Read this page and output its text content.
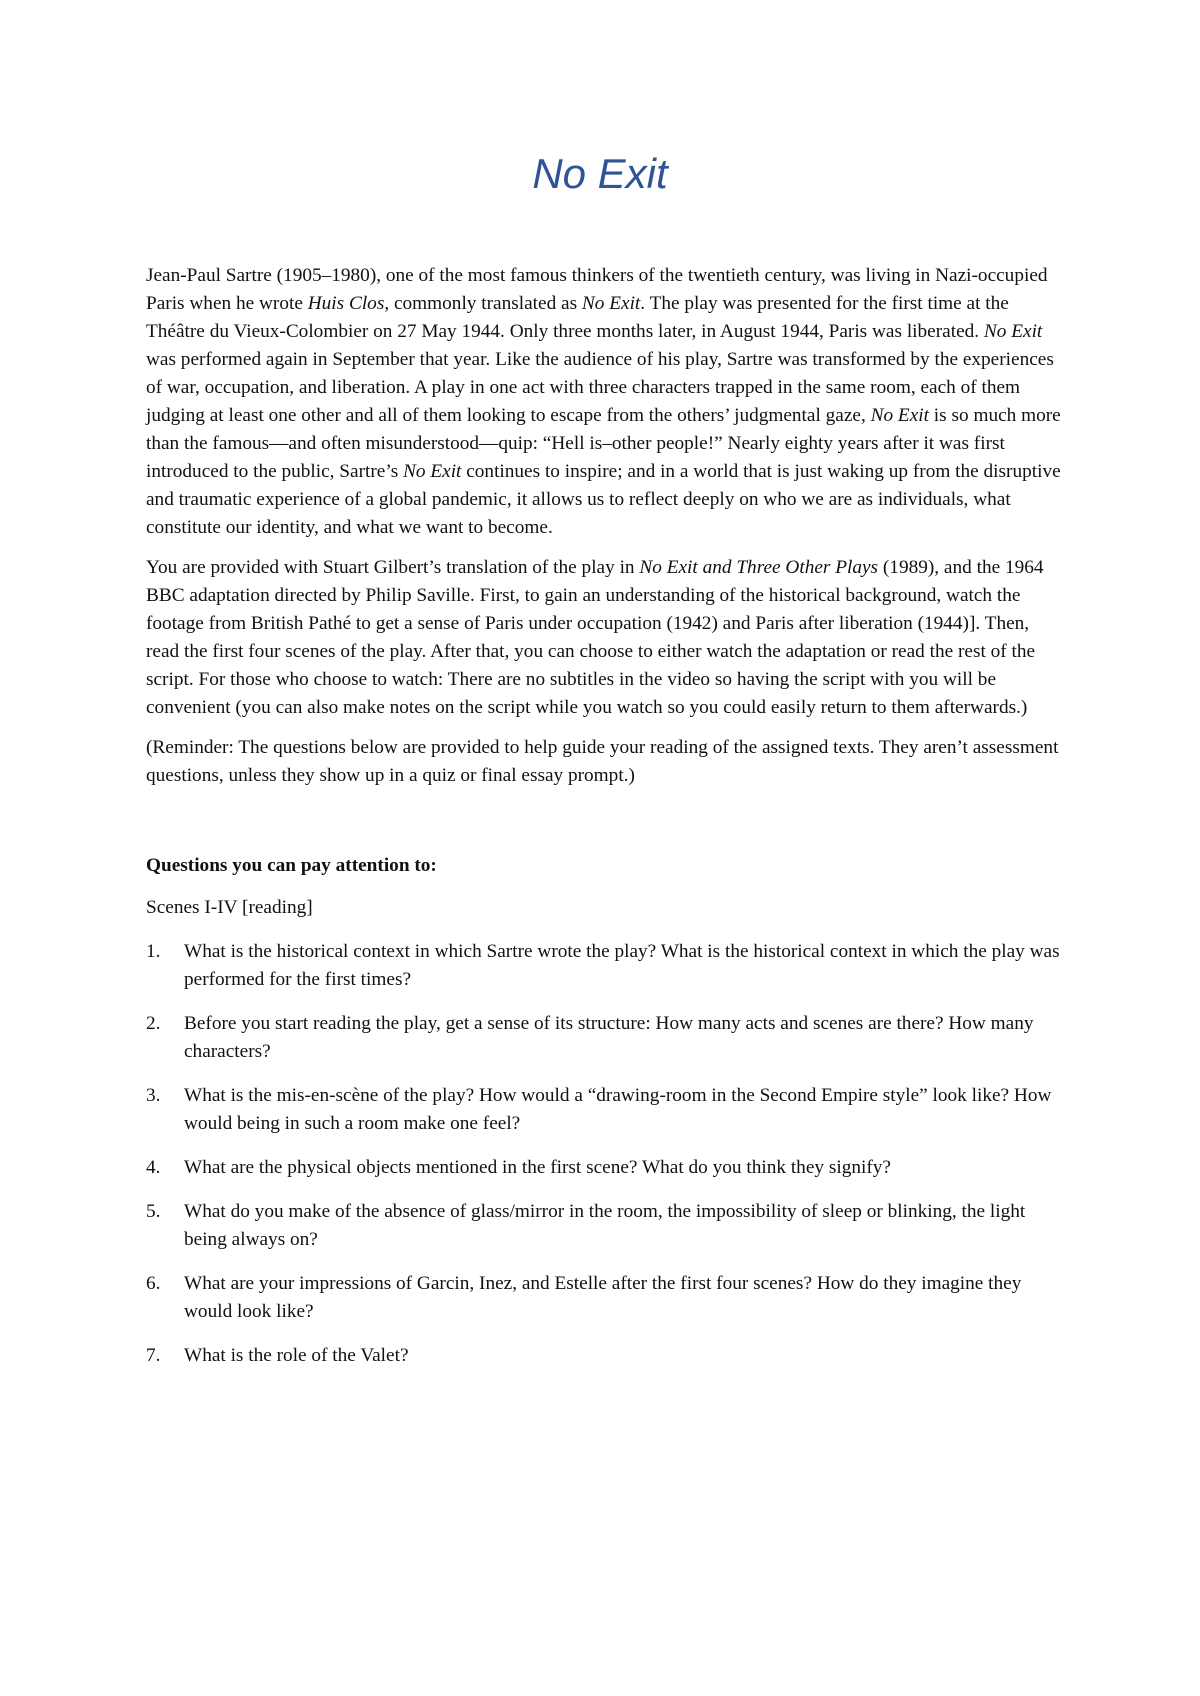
No Exit

Jean-Paul Sartre (1905–1980), one of the most famous thinkers of the twentieth century, was living in Nazi-occupied Paris when he wrote Huis Clos, commonly translated as No Exit. The play was presented for the first time at the Théâtre du Vieux-Colombier on 27 May 1944. Only three months later, in August 1944, Paris was liberated. No Exit was performed again in September that year. Like the audience of his play, Sartre was transformed by the experiences of war, occupation, and liberation. A play in one act with three characters trapped in the same room, each of them judging at least one other and all of them looking to escape from the others’ judgmental gaze, No Exit is so much more than the famous—and often misunderstood—quip: “Hell is–other people!” Nearly eighty years after it was first introduced to the public, Sartre’s No Exit continues to inspire; and in a world that is just waking up from the disruptive and traumatic experience of a global pandemic, it allows us to reflect deeply on who we are as individuals, what constitute our identity, and what we want to become.

You are provided with Stuart Gilbert’s translation of the play in No Exit and Three Other Plays (1989), and the 1964 BBC adaptation directed by Philip Saville. First, to gain an understanding of the historical background, watch the footage from British Pathé to get a sense of Paris under occupation (1942) and Paris after liberation (1944)]. Then, read the first four scenes of the play. After that, you can choose to either watch the adaptation or read the rest of the script. For those who choose to watch: There are no subtitles in the video so having the script with you will be convenient (you can also make notes on the script while you watch so you could easily return to them afterwards.)

(Reminder: The questions below are provided to help guide your reading of the assigned texts. They aren’t assessment questions, unless they show up in a quiz or final essay prompt.)

Questions you can pay attention to:

Scenes I-IV [reading]

1.	What is the historical context in which Sartre wrote the play? What is the historical context in which the play was performed for the first times?
2.	Before you start reading the play, get a sense of its structure: How many acts and scenes are there? How many characters?
3.	What is the mis-en-scène of the play? How would a “drawing-room in the Second Empire style” look like? How would being in such a room make one feel?
4.	What are the physical objects mentioned in the first scene? What do you think they signify?
5.	What do you make of the absence of glass/mirror in the room, the impossibility of sleep or blinking, the light being always on?
6.	What are your impressions of Garcin, Inez, and Estelle after the first four scenes? How do they imagine they would look like?
7.	What is the role of the Valet?
